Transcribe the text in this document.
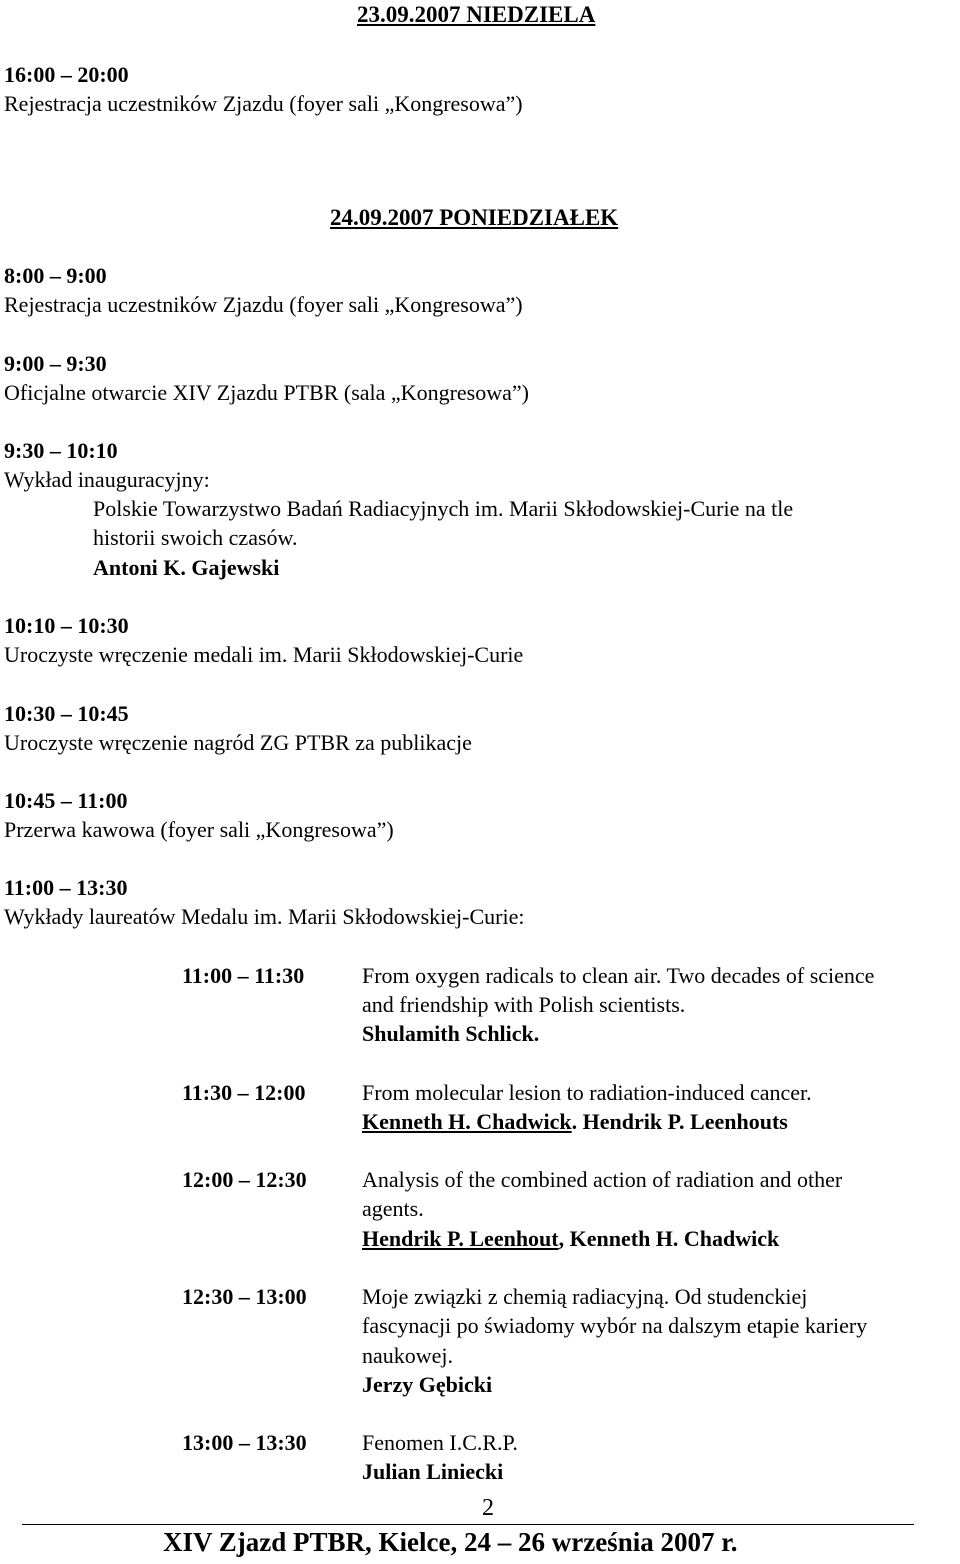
23.09.2007 NIEDZIELA
16:00 – 20:00
Rejestracja uczestników Zjazdu (foyer sali „Kongresowa”)
24.09.2007 PONIEDZIAŁEK
8:00 – 9:00
Rejestracja uczestników Zjazdu (foyer sali „Kongresowa”)
9:00 – 9:30
Oficjalne otwarcie XIV Zjazdu PTBR (sala „Kongresowa”)
9:30 – 10:10
Wykład inauguracyjny:
Polskie Towarzystwo Badań Radiacyjnych im. Marii Skłodowskiej-Curie na tle
historii swoich czasów.
Antoni K. Gajewski
10:10 – 10:30
Uroczyste wręczenie medali im. Marii Skłodowskiej-Curie
10:30 – 10:45
Uroczyste wręczenie nagród ZG PTBR za publikacje
10:45 – 11:00
Przerwa kawowa (foyer sali „Kongresowa”)
11:00 – 13:30
Wykłady laureatów Medalu im. Marii Skłodowskiej-Curie:
11:00 – 11:30	From oxygen radicals to clean air. Two decades of science
and friendship with Polish scientists.
Shulamith Schlick.
11:30 – 12:00	From molecular lesion to radiation-induced cancer.
Kenneth H. Chadwick. Hendrik P. Leenhouts
12:00 – 12:30	Analysis of the combined action of radiation and other
agents.
Hendrik P. Leenhout, Kenneth H. Chadwick
12:30 – 13:00	Moje związki z chemią radiacyjną. Od studenckiej
fascynacji po świadomy wybór na dalszym etapie kariery
naukowej.
Jerzy Gębicki
13:00 – 13:30	Fenomen I.C.R.P.
Julian Liniecki
2
XIV Zjazd PTBR, Kielce, 24 – 26 września 2007 r.
